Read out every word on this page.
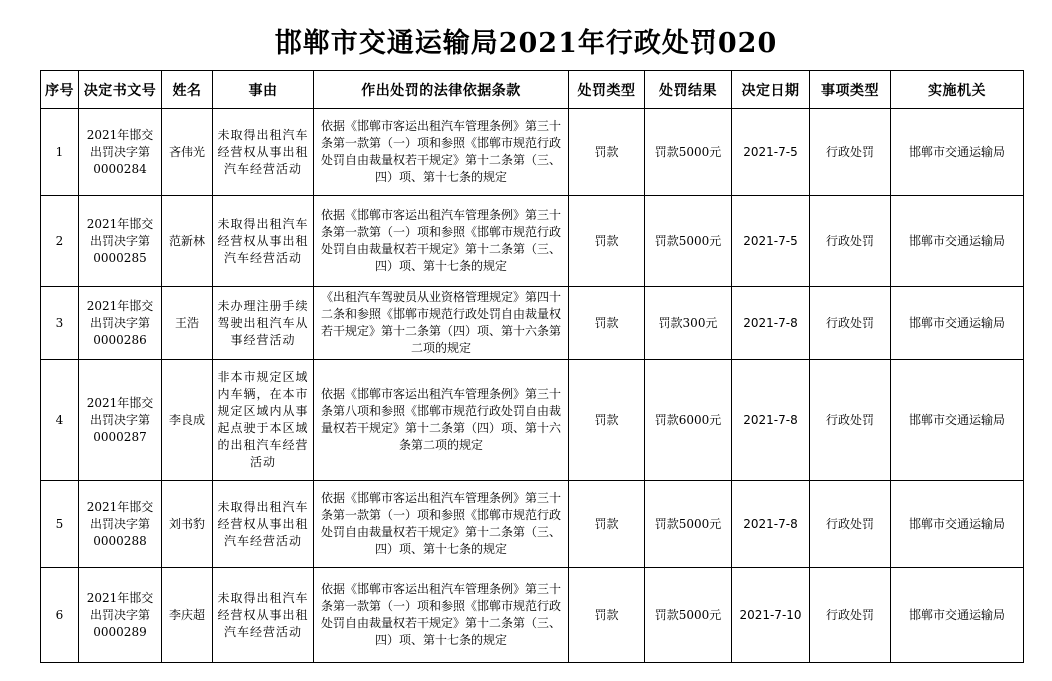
邯郸市交通运输局2021年行政处罚020
序号	决定书文号	姓名	事由	作出处罚的法律依据条款	处罚类型	处罚结果	决定日期	事项类型	实施机关
1	2021年邯交出罚决字第0000284	吝伟光	未取得出租汽车经营权从事出租汽车经营活动	依据《邯郸市客运出租汽车管理条例》第三十条第一款第（一）项和参照《邯郸市规范行政处罚自由裁量权若干规定》第十二条第（三、四）项、第十七条的规定	罚款	罚款5000元	2021-7-5	行政处罚	邯郸市交通运输局
2	2021年邯交出罚决字第0000285	范新林	未取得出租汽车经营权从事出租汽车经营活动	依据《邯郸市客运出租汽车管理条例》第三十条第一款第（一）项和参照《邯郸市规范行政处罚自由裁量权若干规定》第十二条第（三、四）项、第十七条的规定	罚款	罚款5000元	2021-7-5	行政处罚	邯郸市交通运输局
3	2021年邯交出罚决字第0000286	王浩	未办理注册手续驾驶出租汽车从事经营活动	《出租汽车驾驶员从业资格管理规定》第四十二条和参照《邯郸市规范行政处罚自由裁量权若干规定》第十二条第（四）项、第十六条第二项的规定	罚款	罚款300元	2021-7-8	行政处罚	邯郸市交通运输局
4	2021年邯交出罚决字第0000287	李良成	非本市规定区域内车辆，在本市规定区域内从事起点驶于本区域的出租汽车经营活动	依据《邯郸市客运出租汽车管理条例》第三十条第八项和参照《邯郸市规范行政处罚自由裁量权若干规定》第十二条第（四）项、第十六条第二项的规定	罚款	罚款6000元	2021-7-8	行政处罚	邯郸市交通运输局
5	2021年邯交出罚决字第0000288	刘书豹	未取得出租汽车经营权从事出租汽车经营活动	依据《邯郸市客运出租汽车管理条例》第三十条第一款第（一）项和参照《邯郸市规范行政处罚自由裁量权若干规定》第十二条第（三、四）项、第十七条的规定	罚款	罚款5000元	2021-7-8	行政处罚	邯郸市交通运输局
6	2021年邯交出罚决字第0000289	李庆超	未取得出租汽车经营权从事出租汽车经营活动	依据《邯郸市客运出租汽车管理条例》第三十条第一款第（一）项和参照《邯郸市规范行政处罚自由裁量权若干规定》第十二条第（三、四）项、第十七条的规定	罚款	罚款5000元	2021-7-10	行政处罚	邯郸市交通运输局
